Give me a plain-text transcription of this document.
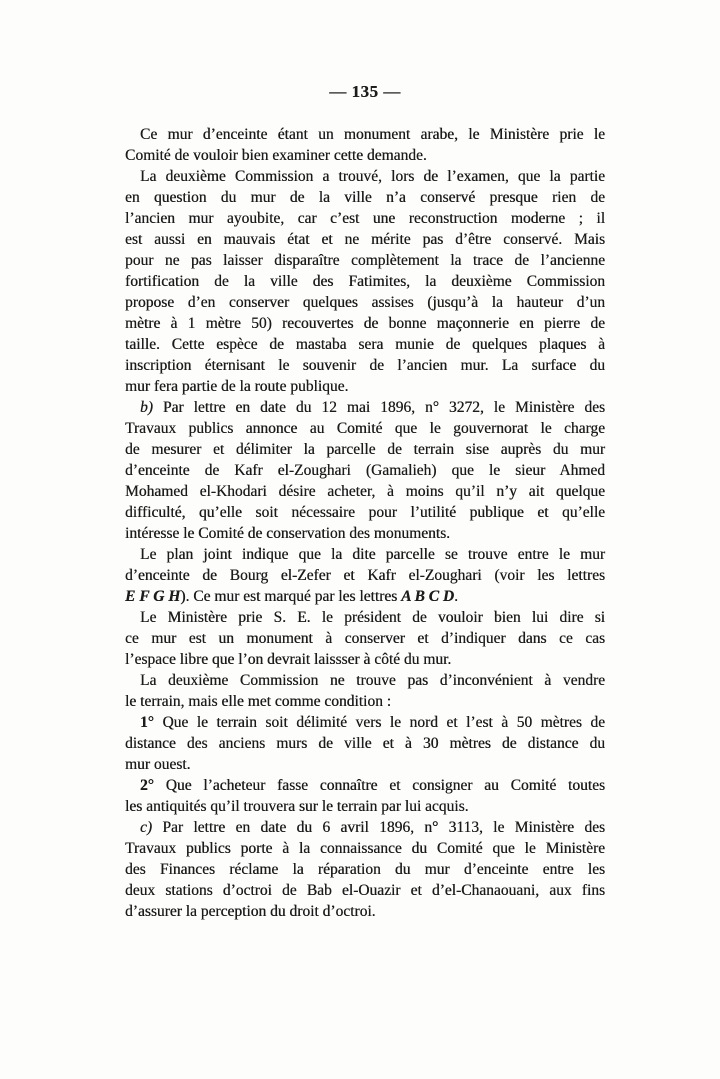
— 135 —
Ce mur d’enceinte étant un monument arabe, le Ministère prie le
Comité de vouloir bien examiner cette demande.
La deuxième Commission a trouvé, lors de l’examen, que la partie
en question du mur de la ville n’a conservé presque rien de
l’ancien mur ayoubite, car c’est une reconstruction moderne ; il
est aussi en mauvais état et ne mérite pas d’être conservé. Mais
pour ne pas laisser disparaître complètement la trace de l’ancienne
fortification de la ville des Fatimites, la deuxième Commission
propose d’en conserver quelques assises (jusqu’à la hauteur d’un
mètre à 1 mètre 50) recouvertes de bonne maçonnerie en pierre de
taille. Cette espèce de mastaba sera munie de quelques plaques à
inscription éternisant le souvenir de l’ancien mur. La surface du
mur fera partie de la route publique.
b) Par lettre en date du 12 mai 1896, n° 3272, le Ministère des
Travaux publics annonce au Comité que le gouvernorat le charge
de mesurer et délimiter la parcelle de terrain sise auprès du mur
d’enceinte de Kafr el-Zoughari (Gamalieh) que le sieur Ahmed
Mohamed el-Khodari désire acheter, à moins qu’il n’y ait quelque
difficulté, qu’elle soit nécessaire pour l’utilité publique et qu’elle
intéresse le Comité de conservation des monuments.
Le plan joint indique que la dite parcelle se trouve entre le mur
d’enceinte de Bourg el-Zefer et Kafr el-Zoughari (voir les lettres
E F G H). Ce mur est marqué par les lettres A B C D.
Le Ministère prie S. E. le président de vouloir bien lui dire si
ce mur est un monument à conserver et d’indiquer dans ce cas
l’espace libre que l’on devrait laissser à côté du mur.
La deuxième Commission ne trouve pas d’inconvénient à vendre
le terrain, mais elle met comme condition :
1° Que le terrain soit délimité vers le nord et l’est à 50 mètres de
distance des anciens murs de ville et à 30 mètres de distance du
mur ouest.
2° Que l’acheteur fasse connaître et consigner au Comité toutes
les antiquités qu’il trouvera sur le terrain par lui acquis.
c) Par lettre en date du 6 avril 1896, n° 3113, le Ministère des
Travaux publics porte à la connaissance du Comité que le Ministère
des Finances réclame la réparation du mur d’enceinte entre les
deux stations d’octroi de Bab el-Ouazir et d’el-Chanaouani, aux fins
d’assurer la perception du droit d’octroi.
